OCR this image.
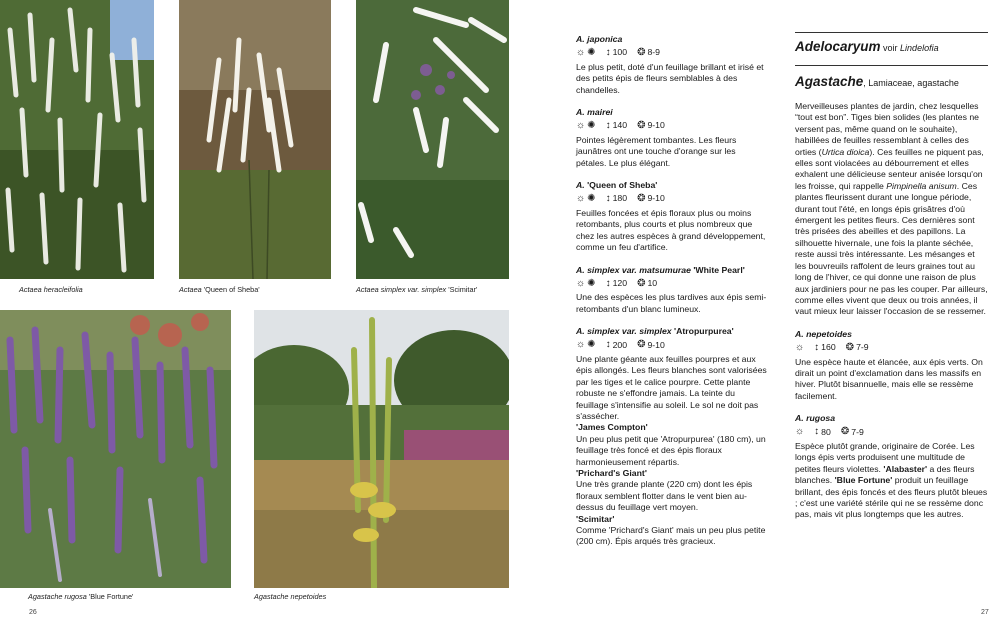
Actaea heracleifolia	Actaea 'Queen of Sheba'	Actaea simplex var. simplex 'Scimitar'
Agastache rugosa 'Blue Fortune'	Agastache nepetoides
26

A. japonica

☼ ✺ ↕ 100 ❂ 8-9

Le plus petit, doté d'un feuillage brillant et irisé et des petits épis de fleurs semblables à des chandelles.

A. mairei

☼ ✺ ↕ 140 ❂ 9-10

Pointes légèrement tombantes. Les fleurs jaunâtres ont une touche d'orange sur les pétales. Le plus élégant.

A. 'Queen of Sheba'

☼ ✺ ↕ 180 ❂ 9-10

Feuilles foncées et épis floraux plus ou moins retombants, plus courts et plus nombreux que chez les autres espèces à grand développement, comme un feu d'artifice.

A. simplex var. matsumurae 'White Pearl'

☼ ✺ ↕ 120 ❂ 10

Une des espèces les plus tardives aux épis semi-retombants d'un blanc lumineux.

A. simplex var. simplex 'Atropurpurea'

☼ ✺ ↕ 200 ❂ 9-10

Une plante géante aux feuilles pourpres et aux épis allongés. Les fleurs blanches sont valorisées par les tiges et le calice pourpre. Cette plante robuste ne s'effondre jamais. La teinte du feuillage s'intensifie au soleil. Le sol ne doit pas s'assécher.

'James Compton'

Un peu plus petit que 'Atropurpurea' (180 cm), un feuillage très foncé et des épis floraux harmonieusement répartis.

'Prichard's Giant'

Une très grande plante (220 cm) dont les épis floraux semblent flotter dans le vent bien au-dessus du feuillage vert moyen.

'Scimitar'

Comme 'Prichard's Giant' mais un peu plus petite (200 cm). Épis arqués très gracieux.

Adelocaryum voir Lindelofia
Agastache, Lamiaceae, agastache

Merveilleuses plantes de jardin, chez lesquelles “tout est bon”. Tiges bien solides (les plantes ne versent pas, même quand on le souhaite), habillées de feuilles ressemblant à celles des orties (Urtica dioica). Ces feuilles ne piquent pas, elles sont violacées au débourrement et elles exhalent une délicieuse senteur anisée lorsqu'on les froisse, qui rappelle Pimpinella anisum. Ces plantes fleurissent durant une longue période, durant tout l'été, en longs épis grisâtres d'où émergent les petites fleurs. Ces dernières sont très prisées des abeilles et des papillons. La silhouette hivernale, une fois la plante séchée, reste aussi très intéressante. Les mésanges et les bouvreuils raffolent de leurs graines tout au long de l'hiver, ce qui donne une raison de plus aux jardiniers pour ne pas les couper. Par ailleurs, comme elles vivent que deux ou trois années, il vaut mieux leur laisser l'occasion de se ressemer.

A. nepetoides

☼ ↕ 160 ❂ 7-9

Une espèce haute et élancée, aux épis verts. On dirait un point d'exclamation dans les massifs en hiver. Plutôt bisannuelle, mais elle se ressème facilement.

A. rugosa

☼ ↕ 80 ❂ 7-9

Espèce plutôt grande, originaire de Corée. Les longs épis verts produisent une multitude de petites fleurs violettes. 'Alabaster' a des fleurs blanches. 'Blue Fortune' produit un feuillage brillant, des épis foncés et des fleurs plutôt bleues ; c'est une variété stérile qui ne se ressème donc pas, mais vit plus longtemps que les autres.

27
